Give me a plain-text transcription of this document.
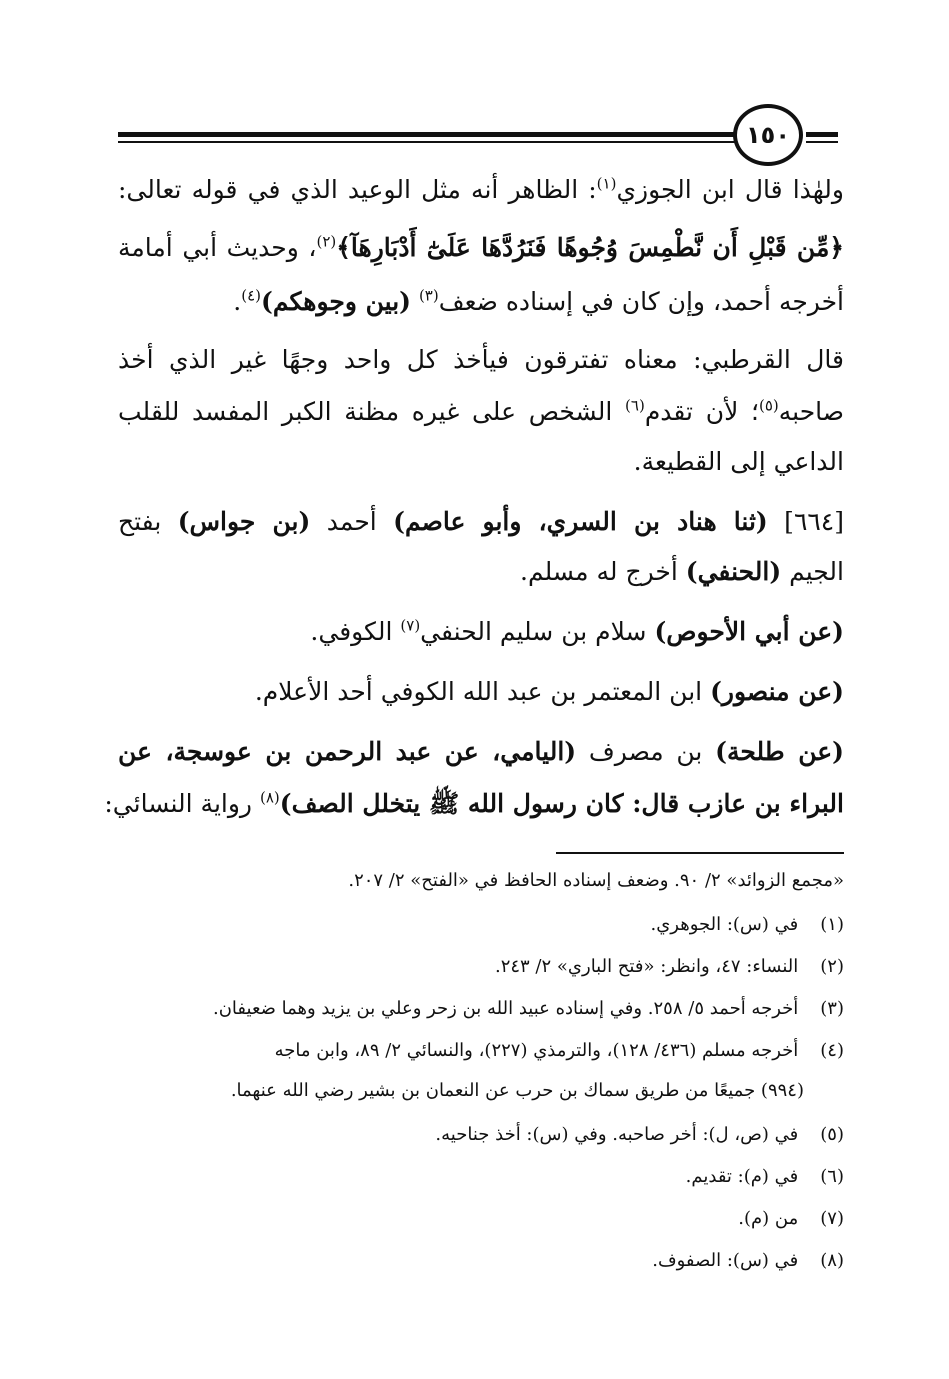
١٥٠
ولهٰذا قال ابن الجوزي$^{(١)}$: الظاهر أنه مثل الوعيد الذي في قوله تعالى:
﴿مِّن قَبْلِ أَن نَّطْمِسَ وُجُوهًا فَنَرُدَّهَا عَلَىٰٓ أَدْبَارِهَآ﴾$^{(٢)}$، وحديث أبي أمامة
أخرجه أحمد، وإن كان في إسناده ضعف$^{(٣)}$ (بين وجوهكم)$^{(٤)}$.
قال القرطبي: معناه تفترقون فيأخذ كل واحد وجهًا غير الذي أخذ
صاحبه$^{(٥)}$؛ لأن تقدم$^{(٦)}$ الشخص على غيره مظنة الكبر المفسد للقلب
الداعي إلى القطيعة.
[٦٦٤] (ثنا هناد بن السري، وأبو عاصم) أحمد (بن جواس) بفتح
الجيم (الحنفي) أخرج له مسلم.
(عن أبي الأحوص) سلام بن سليم الحنفي$^{(٧)}$ الكوفي.
(عن منصور) ابن المعتمر بن عبد الله الكوفي أحد الأعلام.
(عن طلحة) بن مصرف (اليامي، عن عبد الرحمن بن عوسجة، عن
البراء بن عازب قال: كان رسول الله ﷺ يتخلل الصف)$^{(٨)}$ رواية النسائي:
«مجمع الزوائد» ٢/ ٩٠. وضعف إسناده الحافظ في «الفتح» ٢/ ٢٠٧.
(١) في (س): الجوهري.
(٢) النساء: ٤٧، وانظر: «فتح الباري» ٢/ ٢٤٣.
(٣) أخرجه أحمد ٥/ ٢٥٨. وفي إسناده عبيد الله بن زحر وعلي بن يزيد وهما ضعيفان.
(٤) أخرجه مسلم (٤٣٦/ ١٢٨)، والترمذي (٢٢٧)، والنسائي ٢/ ٨٩، وابن ماجه
(٩٩٤) جميعًا من طريق سماك بن حرب عن النعمان بن بشير رضي الله عنهما.
(٥) في (ص، ل): أخر صاحبه. وفي (س): أخذ جناحيه.
(٦) في (م): تقديم.
(٧) من (م).
(٨) في (س): الصفوف.
